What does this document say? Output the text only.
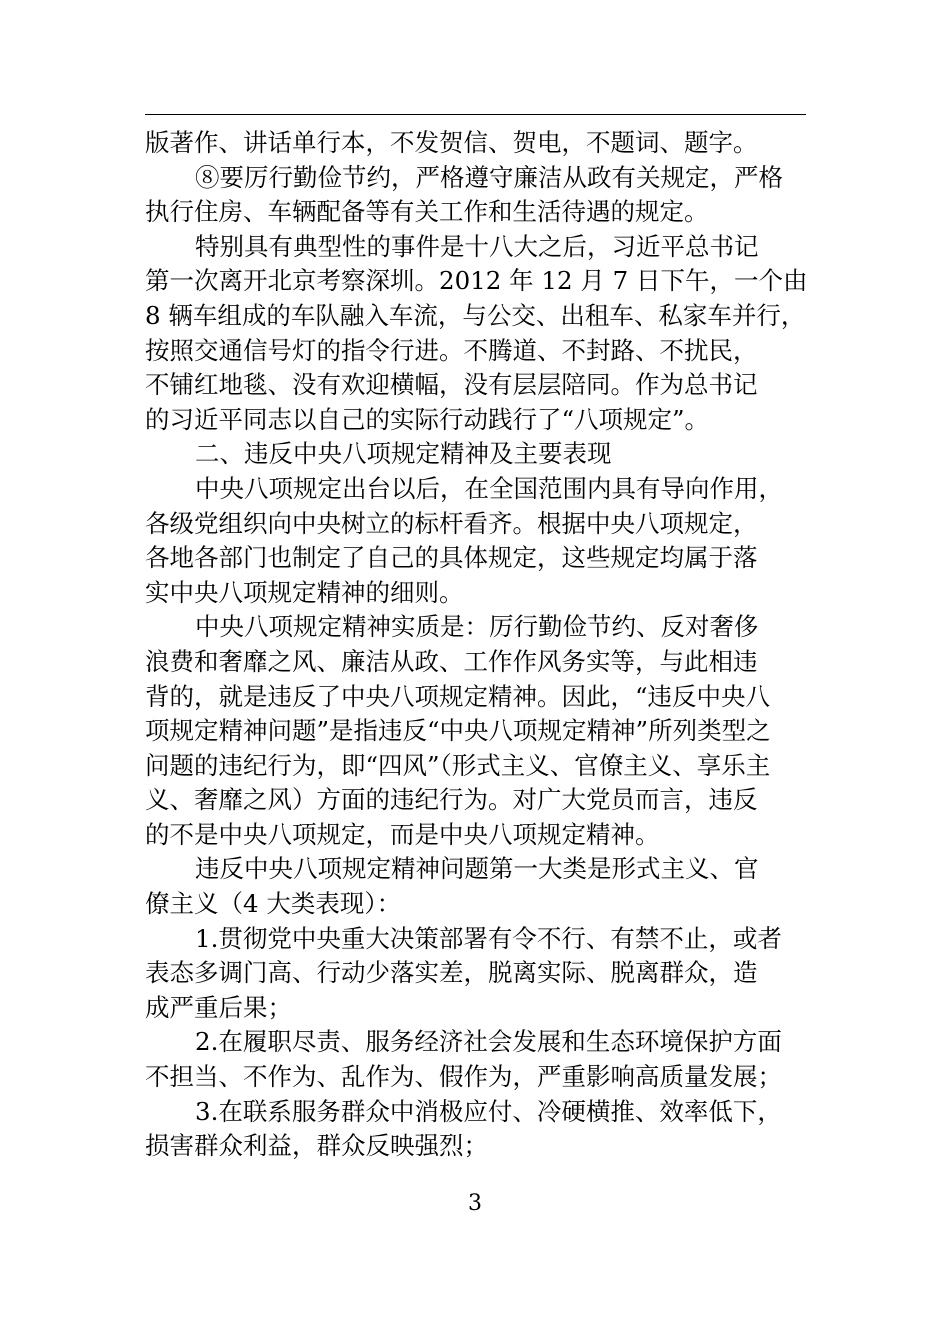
版著作、讲话单行本，不发贺信、贺电，不题词、题字。
⑧要厉行勤俭节约，严格遵守廉洁从政有关规定，严格
执行住房、车辆配备等有关工作和生活待遇的规定。
特别具有典型性的事件是十八大之后，习近平总书记
第一次离开北京考察深圳。2012 年 12 月 7 日下午，一个由
8 辆车组成的车队融入车流，与公交、出租车、私家车并行，
按照交通信号灯的指令行进。不腾道、不封路、不扰民，
不铺红地毯、没有欢迎横幅，没有层层陪同。作为总书记
的习近平同志以自己的实际行动践行了“八项规定”。
二、违反中央八项规定精神及主要表现
中央八项规定出台以后，在全国范围内具有导向作用，
各级党组织向中央树立的标杆看齐。根据中央八项规定，
各地各部门也制定了自己的具体规定，这些规定均属于落
实中央八项规定精神的细则。
中央八项规定精神实质是：厉行勤俭节约、反对奢侈
浪费和奢靡之风、廉洁从政、工作作风务实等，与此相违
背的，就是违反了中央八项规定精神。因此，“违反中央八
项规定精神问题”是指违反“中央八项规定精神”所列类型之
问题的违纪行为，即“四风”（形式主义、官僚主义、享乐主
义、奢靡之风）方面的违纪行为。对广大党员而言，违反
的不是中央八项规定，而是中央八项规定精神。
违反中央八项规定精神问题第一大类是形式主义、官
僚主义（4 大类表现）：
1.贯彻党中央重大决策部署有令不行、有禁不止，或者
表态多调门高、行动少落实差，脱离实际、脱离群众，造
成严重后果；
2.在履职尽责、服务经济社会发展和生态环境保护方面
不担当、不作为、乱作为、假作为，严重影响高质量发展；
3.在联系服务群众中消极应付、冷硬横推、效率低下，
损害群众利益，群众反映强烈；
3
